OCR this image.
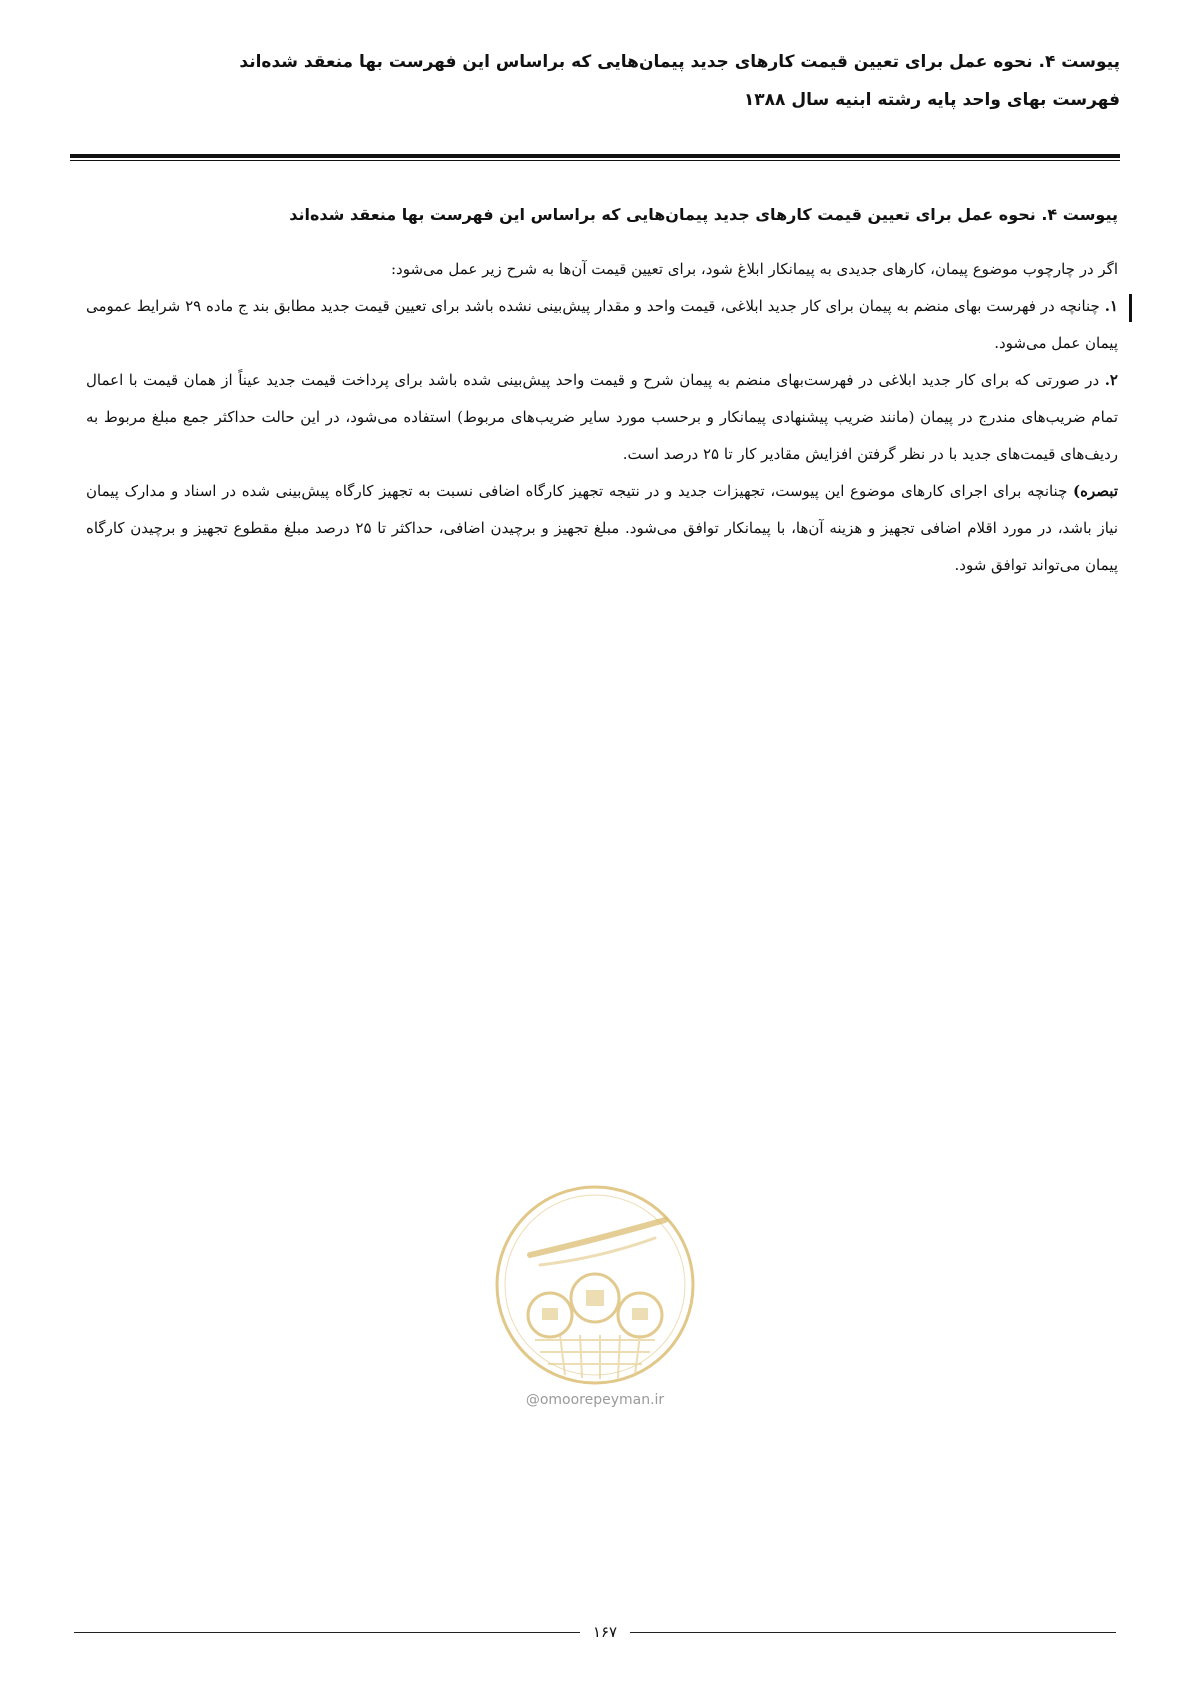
پیوست ۴. نحوه عمل برای تعیین قیمت کارهای جدید پیمان‌هایی که براساس این فهرست بها منعقد شده‌اند
فهرست بهای واحد پایه رشته ابنیه سال ۱۳۸۸

پیوست ۴. نحوه عمل برای تعیین قیمت کارهای جدید پیمان‌هایی که براساس این فهرست بها منعقد شده‌اند

اگر در چارچوب موضوع پیمان، کارهای جدیدی به پیمانکار ابلاغ شود، برای تعیین قیمت آن‌ها به شرح زیر عمل می‌شود:

۱. چنانچه در فهرست بهای منضم به پیمان برای کار جدید ابلاغی، قیمت واحد و مقدار پیش‌بینی نشده باشد برای تعیین قیمت جدید مطابق بند ج ماده ۲۹ شرایط عمومی پیمان عمل می‌شود.

۲. در صورتی که برای کار جدید ابلاغی در فهرست‌بهای منضم به پیمان شرح و قیمت واحد پیش‌بینی شده باشد برای پرداخت قیمت جدید عیناً از همان قیمت با اعمال تمام ضریب‌های مندرج در پیمان (مانند ضریب پیشنهادی پیمانکار و برحسب مورد سایر ضریب‌های مربوط) استفاده می‌شود، در این حالت حداکثر جمع مبلغ مربوط به ردیف‌های قیمت‌های جدید با در نظر گرفتن افزایش مقادیر کار تا ۲۵ درصد است.

تبصره) چنانچه برای اجرای کارهای موضوع این پیوست، تجهیزات جدید و در نتیجه تجهیز کارگاه اضافی نسبت به تجهیز کارگاه پیش‌بینی شده در اسناد و مدارک پیمان نیاز باشد، در مورد اقلام اضافی تجهیز و هزینه آن‌ها، با پیمانکار توافق می‌شود. مبلغ تجهیز و برچیدن اضافی، حداکثر تا ۲۵ درصد مبلغ مقطوع تجهیز و برچیدن کارگاه پیمان می‌تواند توافق شود.

@omoorepeyman.ir
۱۶۷
